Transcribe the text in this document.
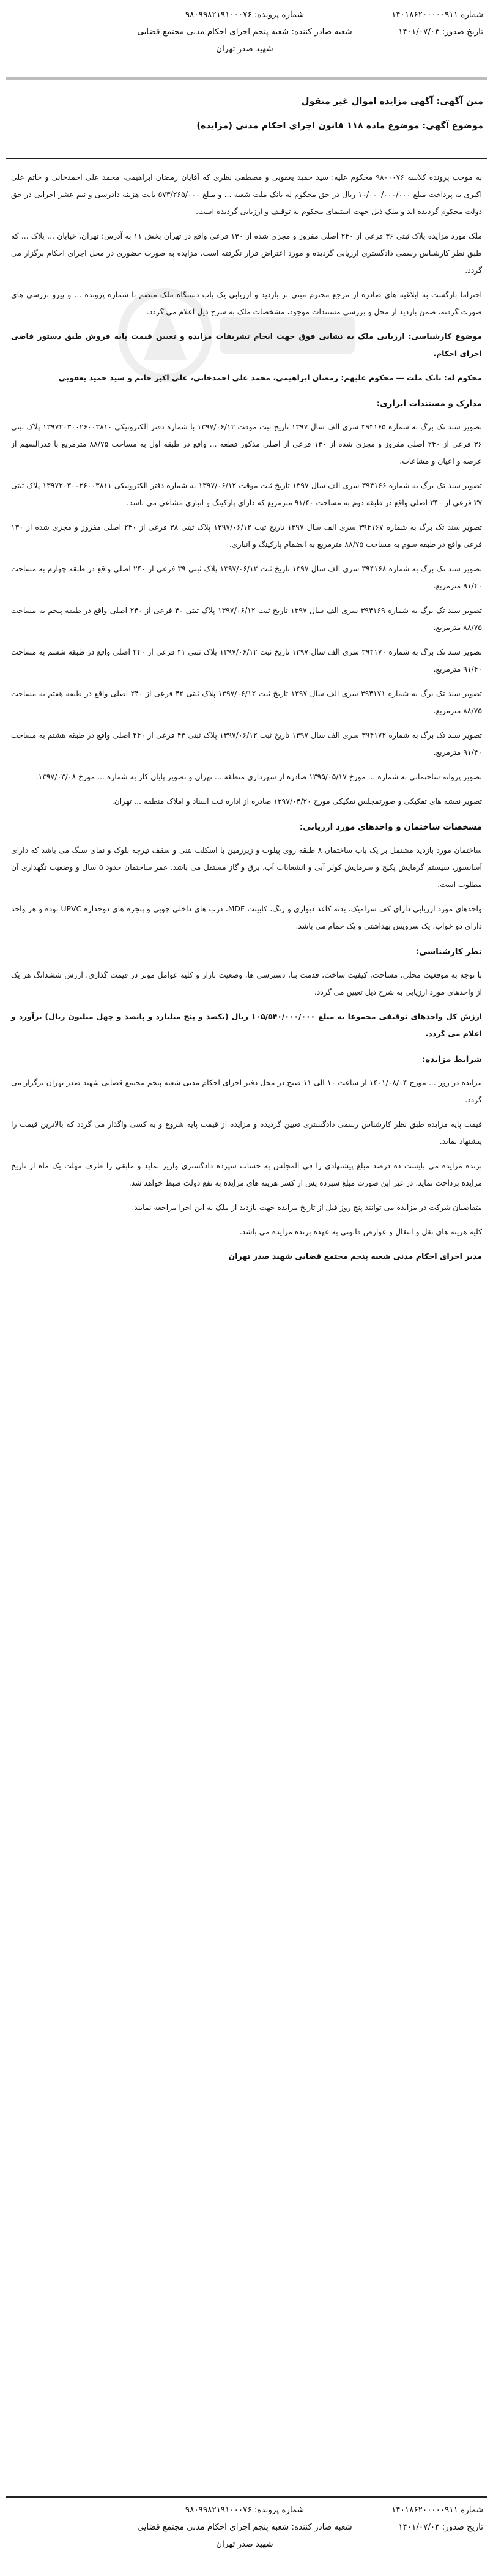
شماره ۱۴۰۱۸۶۲۰۰۰۰۰۹۱۱
تاریخ صدور: ۱۴۰۱/۰۷/۰۳
شماره پرونده: ۹۸۰۹۹۸۲۱۹۱۰۰۰۷۶
شعبه صادر کننده: شعبه پنجم اجرای احکام مدنی مجتمع قضایی شهید صدر تهران
متن آگهی: آگهی مزایده اموال غیر منقول
موضوع آگهی: موضوع ماده ۱۱۸ قانون اجرای احکام مدنی (مزایده)

به موجب پرونده کلاسه ۹۸۰۰۰۷۶ محکوم علیه: سید حمید یعقوبی و مصطفی نظری که آقایان رمضان ابراهیمی، محمد علی احمدخانی و حاتم علی اکبری به پرداخت مبلغ ۱۰/۰۰۰/۰۰۰/۰۰۰ ریال در حق محکوم له بانک ملت شعبه ... و مبلغ ۵۷۳/۲۶۵/۰۰۰ بابت هزینه دادرسی و نیم عشر اجرایی در حق دولت محکوم گردیده اند و ملک ذیل جهت استیفای محکوم به توقیف و ارزیابی گردیده است.

ملک مورد مزایده پلاک ثبتی ۳۶ فرعی از ۲۴۰ اصلی مفروز و مجزی شده از ۱۳۰ فرعی واقع در تهران بخش ۱۱ به آدرس: تهران، خیابان ... پلاک ... که طبق نظر کارشناس رسمی دادگستری ارزیابی گردیده و مورد اعتراض قرار نگرفته است. مزایده به صورت حضوری در محل اجرای احکام برگزار می گردد.

احتراما بازگشت به ابلاغیه های صادره از مرجع محترم مبنی بر بازدید و ارزیابی یک باب دستگاه ملک منضم با شماره پرونده ... و پیرو بررسی های صورت گرفته، ضمن بازدید از محل و بررسی مستندات موجود، مشخصات ملک به شرح ذیل اعلام می گردد.

موضوع کارشناسی: ارزیابی ملک به نشانی فوق جهت انجام تشریفات مزایده و تعیین قیمت پایه فروش طبق دستور قاضی اجرای احکام.

محکوم له: بانک ملت ― محکوم علیهم: رمضان ابراهیمی، محمد علی احمدخانی، علی اکبر حاتم و سید حمید یعقوبی

مدارک و مستندات ابرازی:

تصویر سند تک برگ به شماره ۳۹۴۱۶۵ سری الف سال ۱۳۹۷ تاریخ ثبت موقت ۱۳۹۷/۰۶/۱۲ با شماره دفتر الکترونیکی ۱۳۹۷۲۰۳۰۰۲۶۰۰۳۸۱۰ پلاک ثبتی ۳۶ فرعی از ۲۴۰ اصلی مفروز و مجزی شده از ۱۳۰ فرعی از اصلی مذکور قطعه ... واقع در طبقه اول به مساحت ۸۸/۷۵ مترمربع با قدرالسهم از عرصه و اعیان و مشاعات.

تصویر سند تک برگ به شماره ۳۹۴۱۶۶ سری الف سال ۱۳۹۷ تاریخ ثبت موقت ۱۳۹۷/۰۶/۱۲ به شماره دفتر الکترونیکی ۱۳۹۷۲۰۳۰۰۲۶۰۰۳۸۱۱ پلاک ثبتی ۳۷ فرعی از ۲۴۰ اصلی واقع در طبقه دوم به مساحت ۹۱/۴۰ مترمربع که دارای پارکینگ و انباری مشاعی می باشد.

تصویر سند تک برگ به شماره ۳۹۴۱۶۷ سری الف سال ۱۳۹۷ تاریخ ثبت ۱۳۹۷/۰۶/۱۲ پلاک ثبتی ۳۸ فرعی از ۲۴۰ اصلی مفروز و مجزی شده از ۱۳۰ فرعی واقع در طبقه سوم به مساحت ۸۸/۷۵ مترمربع به انضمام پارکینگ و انباری.

تصویر سند تک برگ به شماره ۳۹۴۱۶۸ سری الف سال ۱۳۹۷ تاریخ ثبت ۱۳۹۷/۰۶/۱۲ پلاک ثبتی ۳۹ فرعی از ۲۴۰ اصلی واقع در طبقه چهارم به مساحت ۹۱/۴۰ مترمربع.

تصویر سند تک برگ به شماره ۳۹۴۱۶۹ سری الف سال ۱۳۹۷ تاریخ ثبت ۱۳۹۷/۰۶/۱۲ پلاک ثبتی ۴۰ فرعی از ۲۴۰ اصلی واقع در طبقه پنجم به مساحت ۸۸/۷۵ مترمربع.

تصویر سند تک برگ به شماره ۳۹۴۱۷۰ سری الف سال ۱۳۹۷ تاریخ ثبت ۱۳۹۷/۰۶/۱۲ پلاک ثبتی ۴۱ فرعی از ۲۴۰ اصلی واقع در طبقه ششم به مساحت ۹۱/۴۰ مترمربع.

تصویر سند تک برگ به شماره ۳۹۴۱۷۱ سری الف سال ۱۳۹۷ تاریخ ثبت ۱۳۹۷/۰۶/۱۲ پلاک ثبتی ۴۲ فرعی از ۲۴۰ اصلی واقع در طبقه هفتم به مساحت ۸۸/۷۵ مترمربع.

تصویر سند تک برگ به شماره ۳۹۴۱۷۲ سری الف سال ۱۳۹۷ تاریخ ثبت ۱۳۹۷/۰۶/۱۲ پلاک ثبتی ۴۳ فرعی از ۲۴۰ اصلی واقع در طبقه هشتم به مساحت ۹۱/۴۰ مترمربع.

تصویر پروانه ساختمانی به شماره ... مورخ ۱۳۹۵/۰۵/۱۷ صادره از شهرداری منطقه ... تهران و تصویر پایان کار به شماره ... مورخ ۱۳۹۷/۰۳/۰۸.

تصویر نقشه های تفکیکی و صورتمجلس تفکیکی مورخ ۱۳۹۷/۰۴/۲۰ صادره از اداره ثبت اسناد و املاک منطقه ... تهران.

مشخصات ساختمان و واحدهای مورد ارزیابی:

ساختمان مورد بازدید مشتمل بر یک باب ساختمان ۸ طبقه روی پیلوت و زیرزمین با اسکلت بتنی و سقف تیرچه بلوک و نمای سنگ می باشد که دارای آسانسور، سیستم گرمایش پکیج و سرمایش کولر آبی و انشعابات آب، برق و گاز مستقل می باشد. عمر ساختمان حدود ۵ سال و وضعیت نگهداری آن مطلوب است.

واحدهای مورد ارزیابی دارای کف سرامیک، بدنه کاغذ دیواری و رنگ، کابینت MDF، درب های داخلی چوبی و پنجره های دوجداره UPVC بوده و هر واحد دارای دو خواب، یک سرویس بهداشتی و یک حمام می باشد.

نظر کارشناسی:

با توجه به موقعیت محلی، مساحت، کیفیت ساخت، قدمت بنا، دسترسی ها، وضعیت بازار و کلیه عوامل موثر در قیمت گذاری، ارزش ششدانگ هر یک از واحدهای مورد ارزیابی به شرح ذیل تعیین می گردد.

ارزش کل واحدهای توقیفی مجموعا به مبلغ ۱۰۵/۵۴۰/۰۰۰/۰۰۰ ریال (یکصد و پنج میلیارد و پانصد و چهل میلیون ریال) برآورد و اعلام می گردد.

شرایط مزایده:

مزایده در روز ... مورخ ۱۴۰۱/۰۸/۰۴ از ساعت ۱۰ الی ۱۱ صبح در محل دفتر اجرای احکام مدنی شعبه پنجم مجتمع قضایی شهید صدر تهران برگزار می گردد.

قیمت پایه مزایده طبق نظر کارشناس رسمی دادگستری تعیین گردیده و مزایده از قیمت پایه شروع و به کسی واگذار می گردد که بالاترین قیمت را پیشنهاد نماید.

برنده مزایده می بایست ده درصد مبلغ پیشنهادی را فی المجلس به حساب سپرده دادگستری واریز نماید و مابقی را ظرف مهلت یک ماه از تاریخ مزایده پرداخت نماید، در غیر این صورت مبلغ سپرده پس از کسر هزینه های مزایده به نفع دولت ضبط خواهد شد.

متقاضیان شرکت در مزایده می توانند پنج روز قبل از تاریخ مزایده جهت بازدید از ملک به این اجرا مراجعه نمایند.

کلیه هزینه های نقل و انتقال و عوارض قانونی به عهده برنده مزایده می باشد.

مدیر اجرای احکام مدنی شعبه پنجم مجتمع قضایی شهید صدر تهران
شماره ۱۴۰۱۸۶۲۰۰۰۰۰۹۱۱
تاریخ صدور: ۱۴۰۱/۰۷/۰۳
شماره پرونده: ۹۸۰۹۹۸۲۱۹۱۰۰۰۷۶
شعبه صادر کننده: شعبه پنجم اجرای احکام مدنی مجتمع قضایی شهید صدر تهران
